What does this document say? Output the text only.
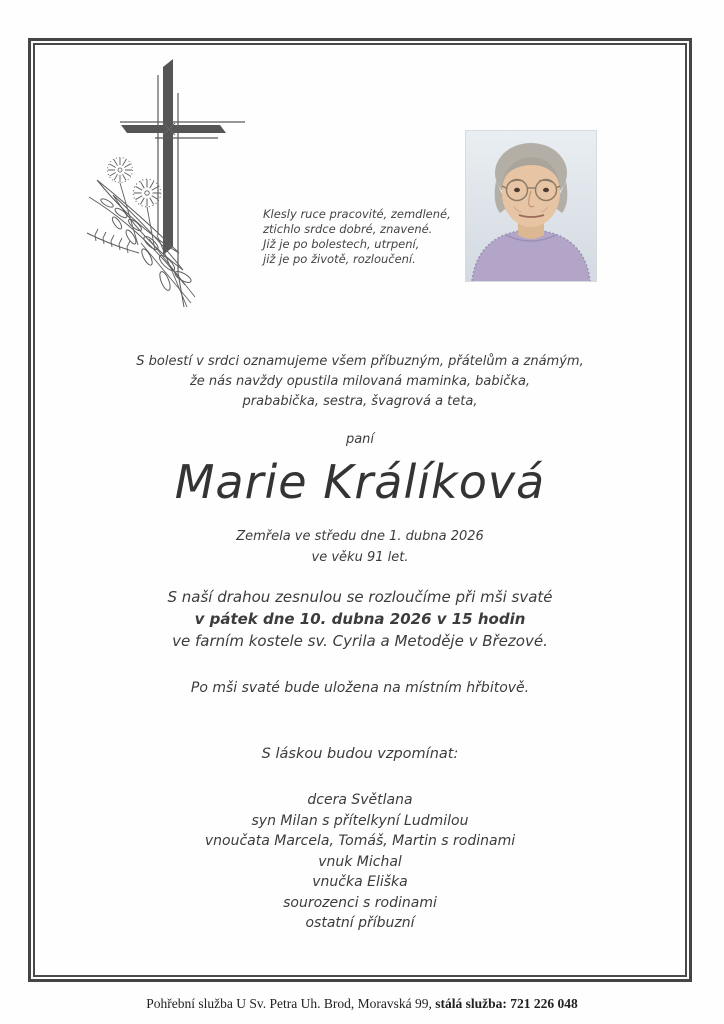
Klesly ruce pracovité, zemdlené,
ztichlo srdce dobré, znavené.
Již je po bolestech, utrpení,
již je po životě, rozloučení.
S bolestí v srdci oznamujeme všem příbuzným, přátelům a známým,
že nás navždy opustila milovaná maminka, babička,
prababička, sestra, švagrová a teta,
paní
Marie Králíková
Zemřela ve středu dne 1. dubna 2026
ve věku 91 let.
S naší drahou zesnulou se rozloučíme při mši svaté
v pátek dne 10. dubna 2026 v 15 hodin
ve farním kostele sv. Cyrila a Metoděje v Březové.
Po mši svaté bude uložena na místním hřbitově.
S láskou budou vzpomínat:
dcera Světlana
syn Milan s přítelkyní Ludmilou
vnoučata Marcela, Tomáš, Martin s rodinami
vnuk Michal
vnučka Eliška
sourozenci s rodinami
ostatní příbuzní
Pohřební služba U Sv. Petra Uh. Brod, Moravská 99, stálá služba: 721 226 048
